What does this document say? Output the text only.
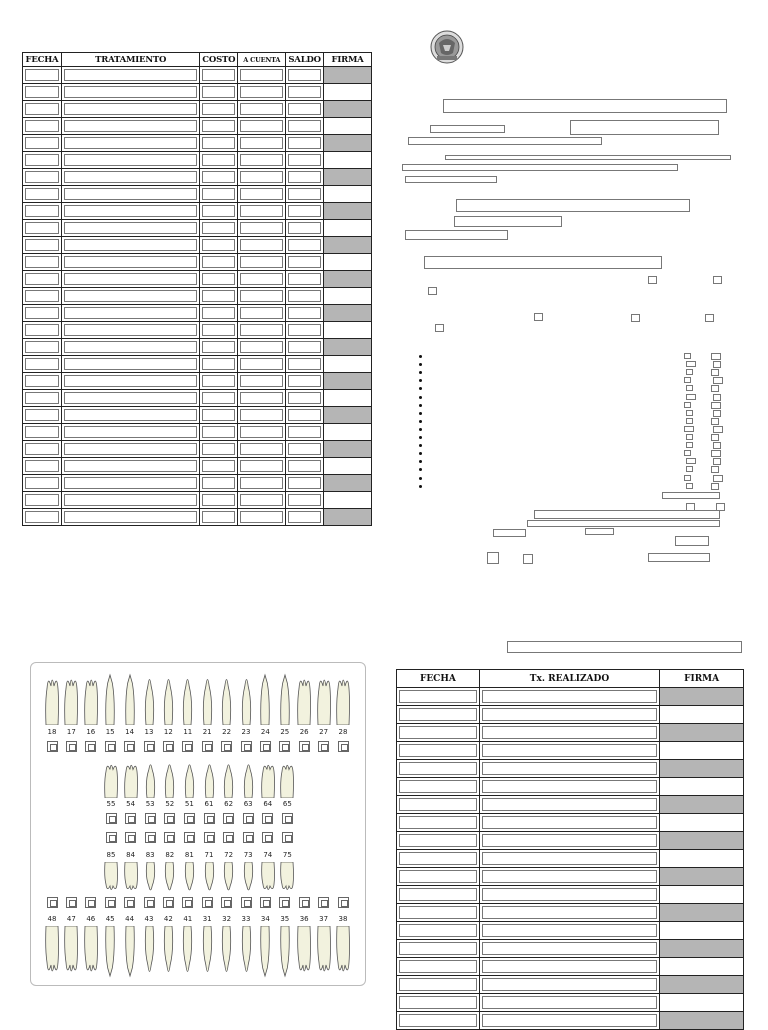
FECHA	TRATAMIENTO	COSTO	A CUENTA	SALDO	FIRMA

18	17	16	15	14	13	12	11	21	22	23	24	25	26	27	28
55	54	53	52	51	61	62	63	64	65
85	84	83	82	81	71	72	73	74	75
48	47	46	45	44	43	42	41	31	32	33	34	35	36	37	38
FECHA	Tx. REALIZADO	FIRMA
